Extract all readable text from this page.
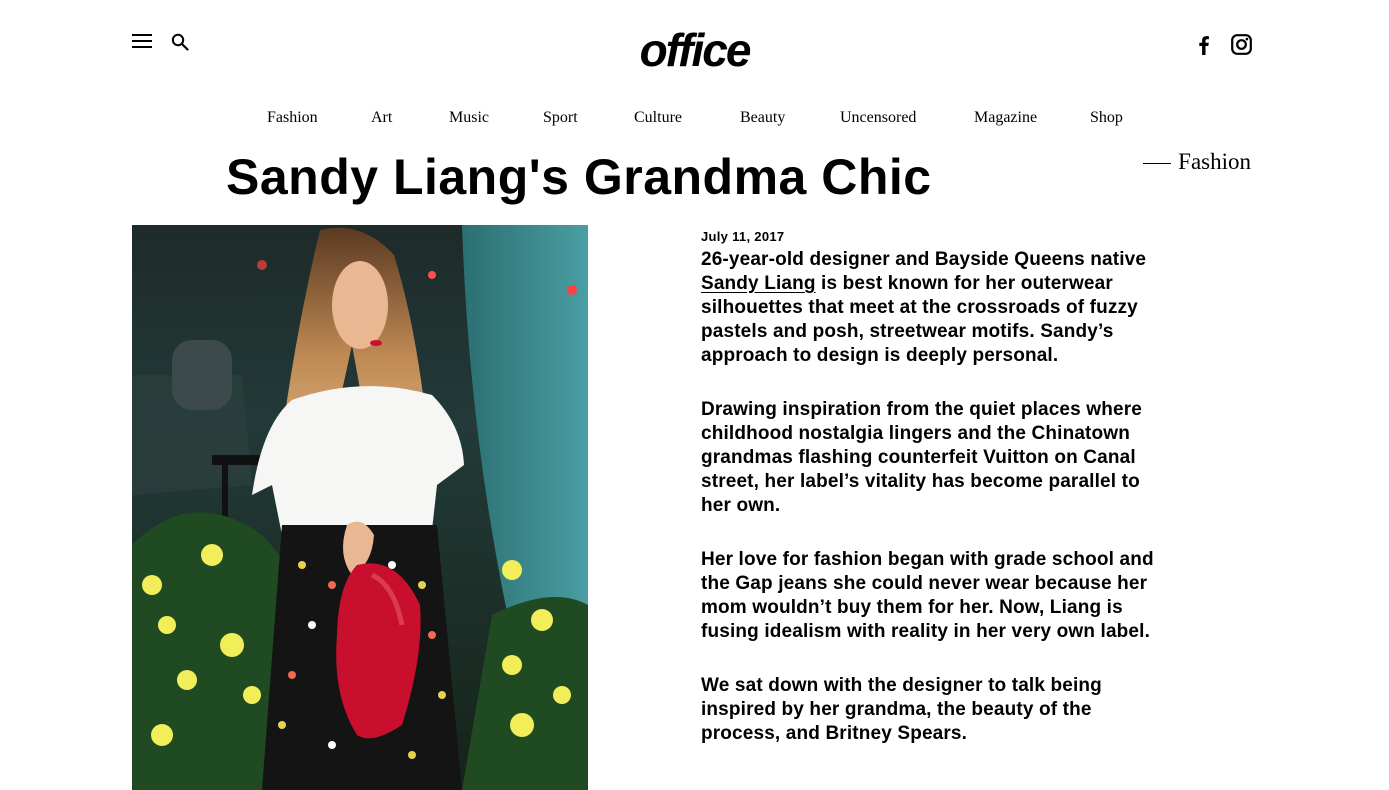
office
Fashion	Art	Music	Sport	Culture	Beauty	Uncensored	Magazine	Shop
Sandy Liang's Grandma Chic	Fashion
July 11, 2017

26-year-old designer and Bayside Queens native Sandy Liang is best known for her outerwear silhouettes that meet at the crossroads of fuzzy pastels and posh, streetwear motifs. Sandy’s approach to design is deeply personal.

Drawing inspiration from the quiet places where childhood nostalgia lingers and the Chinatown grandmas flashing counterfeit Vuitton on Canal street, her label’s vitality has become parallel to her own.

Her love for fashion began with grade school and the Gap jeans she could never wear because her mom wouldn’t buy them for her. Now, Liang is fusing idealism with reality in her very own label.

We sat down with the designer to talk being inspired by her grandma, the beauty of the process, and Britney Spears.
